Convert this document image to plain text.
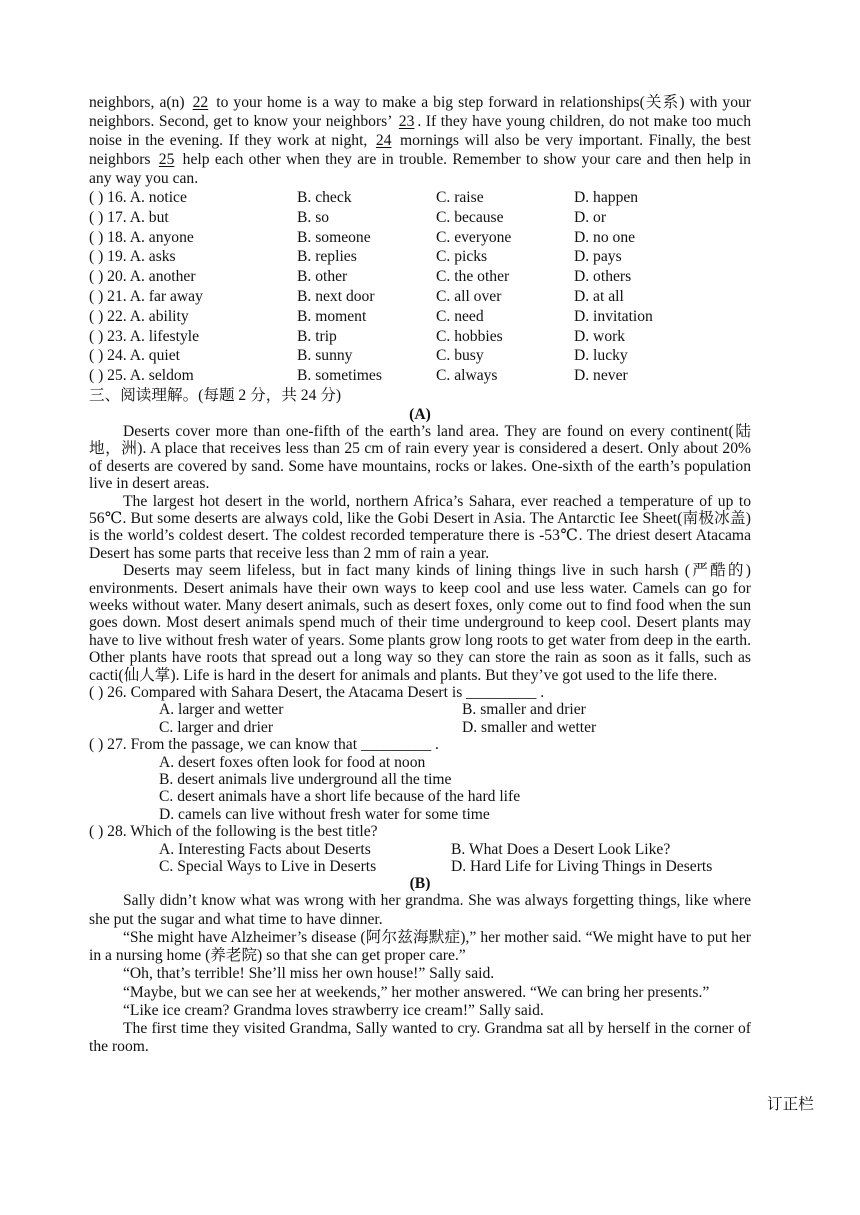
neighbors, a(n) 22 to your home is a way to make a big step forward in relationships(关系) with your neighbors. Second, get to know your neighbors’ 23 . If they have young children, do not make too much noise in the evening. If they work at night, 24 mornings will also be very important. Finally, the best neighbors 25 help each other when they are in trouble. Remember to show your care and then help in any way you can.

( ) 16. A. notice	B. check	C. raise	D. happen
( ) 17. A. but	B. so	C. because	D. or
( ) 18. A. anyone	B. someone	C. everyone	D. no one
( ) 19. A. asks	B. replies	C. picks	D. pays
( ) 20. A. another	B. other	C. the other	D. others
( ) 21. A. far away	B. next door	C. all over	D. at all
( ) 22. A. ability	B. moment	C. need	D. invitation
( ) 23. A. lifestyle	B. trip	C. hobbies	D. work
( ) 24. A. quiet	B. sunny	C. busy	D. lucky
( ) 25. A. seldom	B. sometimes	C. always	D. never

三、阅读理解。(每题 2 分，共 24 分)

(A)

Deserts cover more than one-fifth of the earth’s land area. They are found on every continent(陆地，洲). A place that receives less than 25 cm of rain every year is considered a desert. Only about 20% of deserts are covered by sand. Some have mountains, rocks or lakes. One-sixth of the earth’s population live in desert areas.

The largest hot desert in the world, northern Africa’s Sahara, ever reached a temperature of up to 56℃. But some deserts are always cold, like the Gobi Desert in Asia. The Antarctic Iee Sheet(南极冰盖) is the world’s coldest desert. The coldest recorded temperature there is -53℃. The driest desert Atacama Desert has some parts that receive less than 2 mm of rain a year.

Deserts may seem lifeless, but in fact many kinds of lining things live in such harsh (严酷的) environments. Desert animals have their own ways to keep cool and use less water. Camels can go for weeks without water. Many desert animals, such as desert foxes, only come out to find food when the sun goes down. Most desert animals spend much of their time underground to keep cool. Desert plants may have to live without fresh water of years. Some plants grow long roots to get water from deep in the earth. Other plants have roots that spread out a long way so they can store the rain as soon as it falls, such as cacti(仙人掌). Life is hard in the desert for animals and plants. But they’ve got used to the life there.

( ) 26. Compared with Sahara Desert, the Atacama Desert is _________ .

A. larger and wetter	B. smaller and drier
C. larger and drier	D. smaller and wetter

( ) 27. From the passage, we can know that _________ .

A. desert foxes often look for food at noon
B. desert animals live underground all the time
C. desert animals have a short life because of the hard life
D. camels can live without fresh water for some time

( ) 28. Which of the following is the best title?

A. Interesting Facts about Deserts	B. What Does a Desert Look Like?
C. Special Ways to Live in Deserts	D. Hard Life for Living Things in Deserts

(B)

Sally didn’t know what was wrong with her grandma. She was always forgetting things, like where she put the sugar and what time to have dinner.

“She might have Alzheimer’s disease (阿尔兹海默症),” her mother said. “We might have to put her in a nursing home (养老院) so that she can get proper care.”

“Oh, that’s terrible! She’ll miss her own house!” Sally said.

“Maybe, but we can see her at weekends,” her mother answered. “We can bring her presents.”

“Like ice cream? Grandma loves strawberry ice cream!” Sally said.

The first time they visited Grandma, Sally wanted to cry. Grandma sat all by herself in the corner of the room.

订正栏
